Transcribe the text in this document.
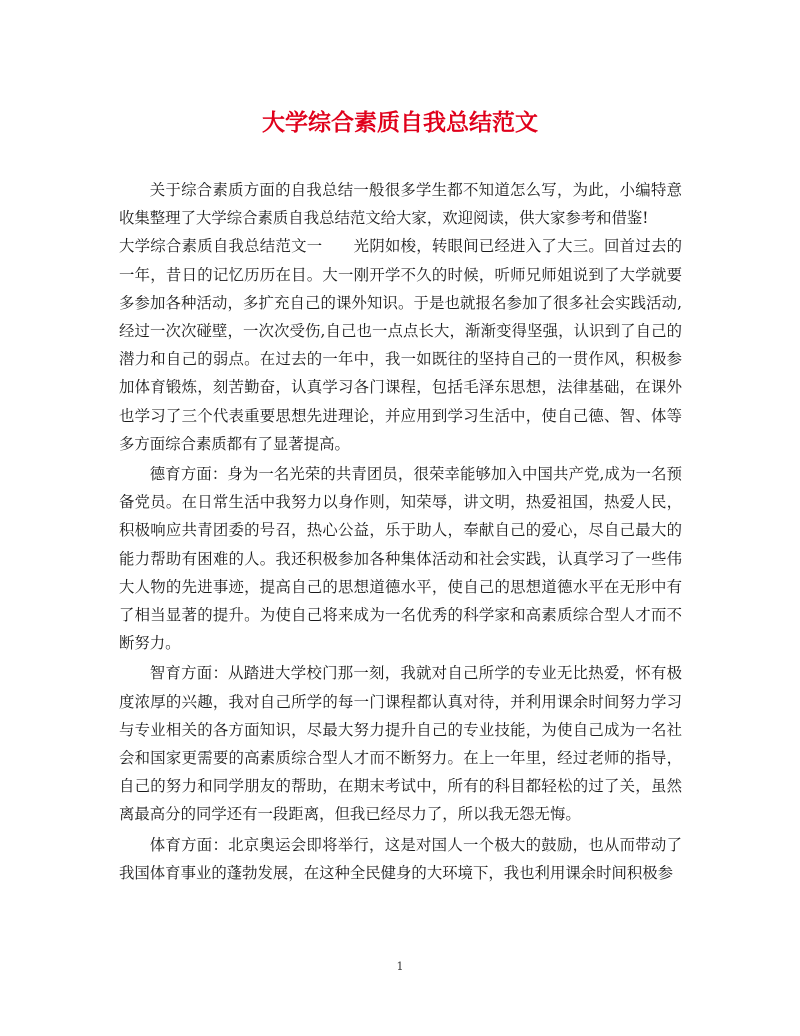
大学综合素质自我总结范文

关于综合素质方面的自我总结一般很多学生都不知道怎么写，为此，小编特意收集整理了大学综合素质自我总结范文给大家，欢迎阅读，供大家参考和借鉴!

大学综合素质自我总结范文一　　光阴如梭，转眼间已经进入了大三。回首过去的一年，昔日的记忆历历在目。大一刚开学不久的时候，听师兄师姐说到了大学就要多参加各种活动，多扩充自己的课外知识。于是也就报名参加了很多社会实践活动,经过一次次碰壁，一次次受伤,自己也一点点长大，渐渐变得坚强，认识到了自己的潜力和自己的弱点。在过去的一年中，我一如既往的坚持自己的一贯作风，积极参加体育锻炼，刻苦勤奋，认真学习各门课程，包括毛泽东思想，法律基础，在课外也学习了三个代表重要思想先进理论，并应用到学习生活中，使自己德、智、体等多方面综合素质都有了显著提高。

德育方面：身为一名光荣的共青团员，很荣幸能够加入中国共产党,成为一名预备党员。在日常生活中我努力以身作则，知荣辱，讲文明，热爱祖国，热爱人民，积极响应共青团委的号召，热心公益，乐于助人，奉献自己的爱心，尽自己最大的能力帮助有困难的人。我还积极参加各种集体活动和社会实践，认真学习了一些伟大人物的先进事迹，提高自己的思想道德水平，使自己的思想道德水平在无形中有了相当显著的提升。为使自己将来成为一名优秀的科学家和高素质综合型人才而不断努力。

智育方面：从踏进大学校门那一刻，我就对自己所学的专业无比热爱，怀有极度浓厚的兴趣，我对自己所学的每一门课程都认真对待，并利用课余时间努力学习与专业相关的各方面知识，尽最大努力提升自己的专业技能，为使自己成为一名社会和国家更需要的高素质综合型人才而不断努力。在上一年里，经过老师的指导，自己的努力和同学朋友的帮助，在期末考试中，所有的科目都轻松的过了关，虽然离最高分的同学还有一段距离，但我已经尽力了，所以我无怨无悔。

体育方面：北京奥运会即将举行，这是对国人一个极大的鼓励，也从而带动了我国体育事业的蓬勃发展，在这种全民健身的大环境下，我也利用课余时间积极参

1
